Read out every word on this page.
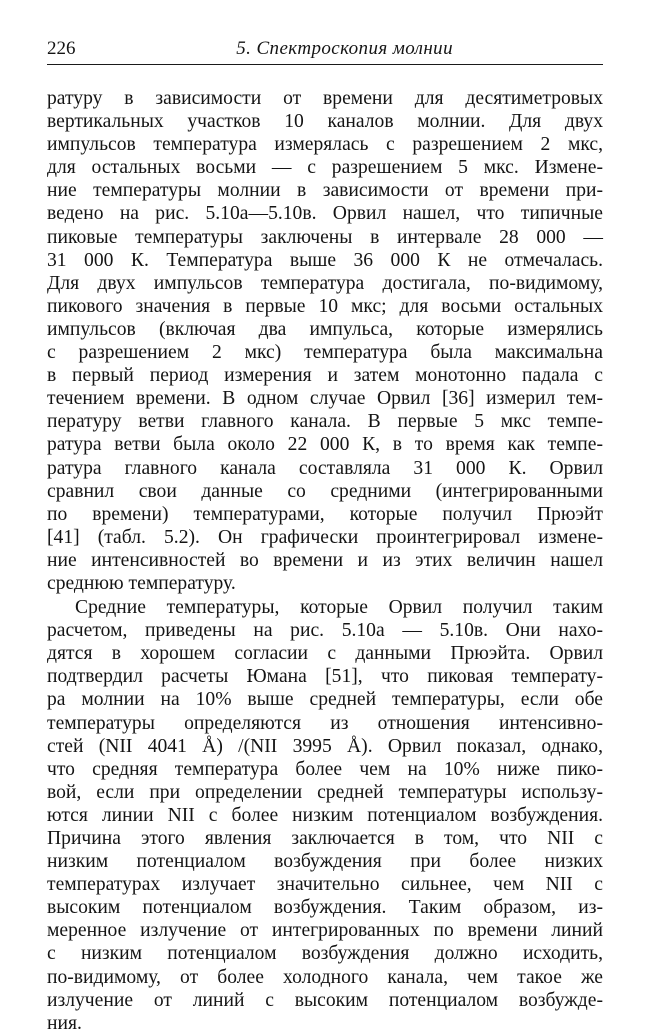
226	5. Спектроскопия молнии
ратуру в зависимости от времени для десятиметровых
вертикальных участков 10 каналов молнии. Для двух
импульсов температура измерялась с разрешением 2 мкс,
для остальных восьми — с разрешением 5 мкс. Измене-
ние температуры молнии в зависимости от времени при-
ведено на рис. 5.10а—5.10в. Орвил нашел, что типичные
пиковые температуры заключены в интервале 28 000 —
31 000 К. Температура выше 36 000 К не отмечалась.
Для двух импульсов температура достигала, по-видимому,
пикового значения в первые 10 мкс; для восьми остальных
импульсов (включая два импульса, которые измерялись
с разрешением 2 мкс) температура была максимальна
в первый период измерения и затем монотонно падала с
течением времени. В одном случае Орвил [36] измерил тем-
пературу ветви главного канала. В первые 5 мкс темпе-
ратура ветви была около 22 000 К, в то время как темпе-
ратура главного канала составляла 31 000 К. Орвил
сравнил свои данные со средними (интегрированными
по времени) температурами, которые получил Прюэйт
[41] (табл. 5.2). Он графически проинтегрировал измене-
ние интенсивностей во времени и из этих величин нашел
среднюю температуру.
Средние температуры, которые Орвил получил таким
расчетом, приведены на рис. 5.10а — 5.10в. Они нахо-
дятся в хорошем согласии с данными Прюэйта. Орвил
подтвердил расчеты Юмана [51], что пиковая температу-
ра молнии на 10% выше средней температуры, если обе
температуры определяются из отношения интенсивно-
стей (NII 4041 Å) /(NII 3995 Å). Орвил показал, однако,
что средняя температура более чем на 10% ниже пико-
вой, если при определении средней температуры использу-
ются линии NII с более низким потенциалом возбуждения.
Причина этого явления заключается в том, что NII с
низким потенциалом возбуждения при более низких
температурах излучает значительно сильнее, чем NII с
высоким потенциалом возбуждения. Таким образом, из-
меренное излучение от интегрированных по времени линий
с низким потенциалом возбуждения должно исходить,
по-видимому, от более холодного канала, чем такое же
излучение от линий с высоким потенциалом возбужде-
ния.
